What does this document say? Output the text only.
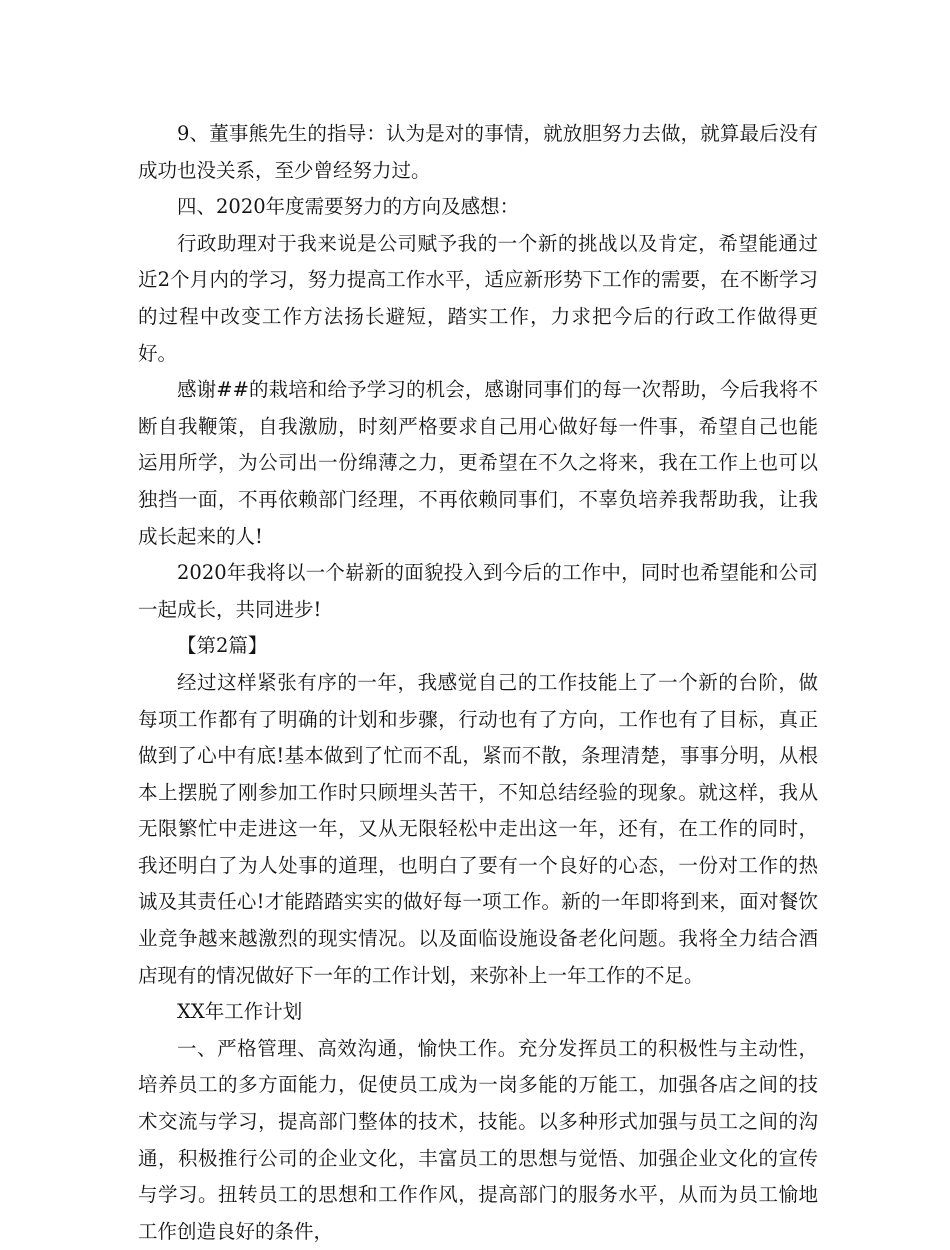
9、董事熊先生的指导：认为是对的事情，就放胆努力去做，就算最后没有成功也没关系，至少曾经努力过。

四、2020年度需要努力的方向及感想：

行政助理对于我来说是公司赋予我的一个新的挑战以及肯定，希望能通过近2个月内的学习，努力提高工作水平，适应新形势下工作的需要，在不断学习的过程中改变工作方法扬长避短，踏实工作，力求把今后的行政工作做得更好。

感谢##的栽培和给予学习的机会，感谢同事们的每一次帮助，今后我将不断自我鞭策，自我激励，时刻严格要求自己用心做好每一件事，希望自己也能运用所学，为公司出一份绵薄之力，更希望在不久之将来，我在工作上也可以独挡一面，不再依赖部门经理，不再依赖同事们，不辜负培养我帮助我，让我成长起来的人!

2020年我将以一个崭新的面貌投入到今后的工作中，同时也希望能和公司一起成长，共同进步!

【第2篇】

经过这样紧张有序的一年，我感觉自己的工作技能上了一个新的台阶，做每项工作都有了明确的计划和步骤，行动也有了方向，工作也有了目标，真正做到了心中有底!基本做到了忙而不乱，紧而不散，条理清楚，事事分明，从根本上摆脱了刚参加工作时只顾埋头苦干，不知总结经验的现象。就这样，我从无限繁忙中走进这一年，又从无限轻松中走出这一年，还有，在工作的同时，我还明白了为人处事的道理，也明白了要有一个良好的心态，一份对工作的热诚及其责任心!才能踏踏实实的做好每一项工作。新的一年即将到来，面对餐饮业竞争越来越激烈的现实情况。以及面临设施设备老化问题。我将全力结合酒店现有的情况做好下一年的工作计划，来弥补上一年工作的不足。

XX年工作计划

一、严格管理、高效沟通，愉快工作。充分发挥员工的积极性与主动性，培养员工的多方面能力，促使员工成为一岗多能的万能工，加强各店之间的技术交流与学习，提高部门整体的技术，技能。以多种形式加强与员工之间的沟通，积极推行公司的企业文化，丰富员工的思想与觉悟、加强企业文化的宣传与学习。扭转员工的思想和工作作风，提高部门的服务水平，从而为员工愉地工作创造良好的条件，
